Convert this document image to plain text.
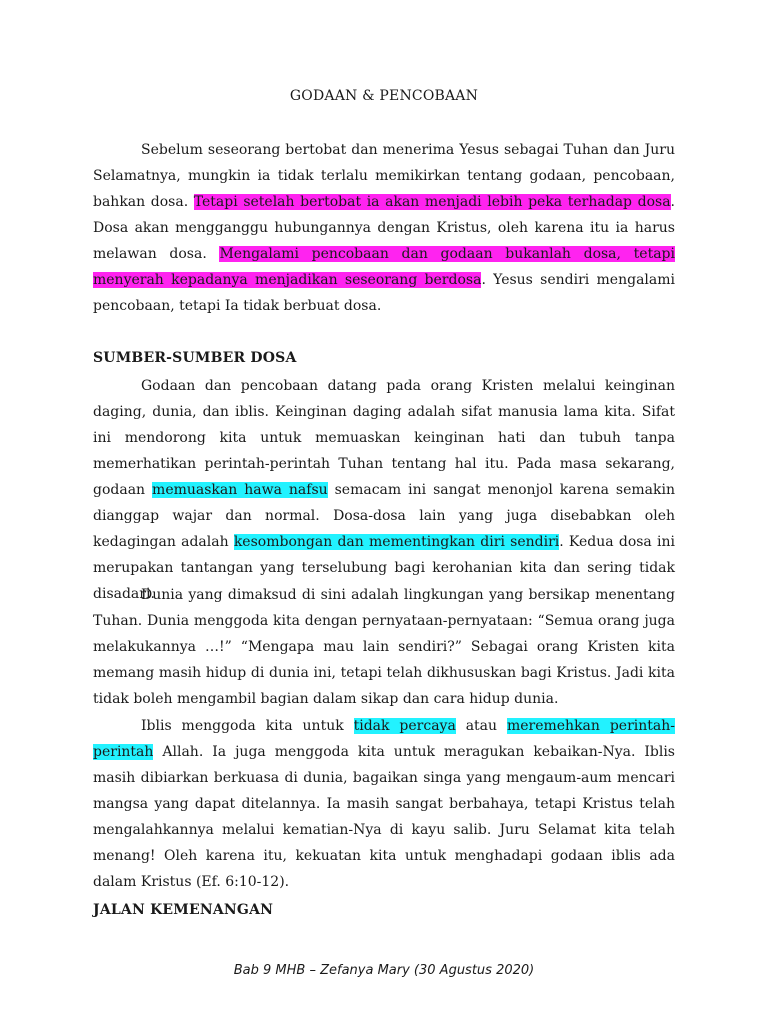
GODAAN & PENCOBAAN

Sebelum seseorang bertobat dan menerima Yesus sebagai Tuhan dan Juru Selamatnya, mungkin ia tidak terlalu memikirkan tentang godaan, pencobaan, bahkan dosa. Tetapi setelah bertobat ia akan menjadi lebih peka terhadap dosa. Dosa akan mengganggu hubungannya dengan Kristus, oleh karena itu ia harus melawan dosa. Mengalami pencobaan dan godaan bukanlah dosa, tetapi menyerah kepadanya menjadikan seseorang berdosa. Yesus sendiri mengalami pencobaan, tetapi Ia tidak berbuat dosa.

SUMBER-SUMBER DOSA

Godaan dan pencobaan datang pada orang Kristen melalui keinginan daging, dunia, dan iblis. Keinginan daging adalah sifat manusia lama kita. Sifat ini mendorong kita untuk memuaskan keinginan hati dan tubuh tanpa memerhatikan perintah-perintah Tuhan tentang hal itu. Pada masa sekarang, godaan memuaskan hawa nafsu semacam ini sangat menonjol karena semakin dianggap wajar dan normal. Dosa-dosa lain yang juga disebabkan oleh kedagingan adalah kesombongan dan mementingkan diri sendiri. Kedua dosa ini merupakan tantangan yang terselubung bagi kerohanian kita dan sering tidak disadari.

Dunia yang dimaksud di sini adalah lingkungan yang bersikap menentang Tuhan. Dunia menggoda kita dengan pernyataan-pernyataan: “Semua orang juga melakukannya …!” “Mengapa mau lain sendiri?” Sebagai orang Kristen kita memang masih hidup di dunia ini, tetapi telah dikhususkan bagi Kristus. Jadi kita tidak boleh mengambil bagian dalam sikap dan cara hidup dunia.

Iblis menggoda kita untuk tidak percaya atau meremehkan perintah-perintah Allah. Ia juga menggoda kita untuk meragukan kebaikan-Nya. Iblis masih dibiarkan berkuasa di dunia, bagaikan singa yang mengaum-aum mencari mangsa yang dapat ditelannya. Ia masih sangat berbahaya, tetapi Kristus telah mengalahkannya melalui kematian-Nya di kayu salib. Juru Selamat kita telah menang! Oleh karena itu, kekuatan kita untuk menghadapi godaan iblis ada dalam Kristus (Ef. 6:10-12).

JALAN KEMENANGAN
Bab 9 MHB – Zefanya Mary (30 Agustus 2020)
